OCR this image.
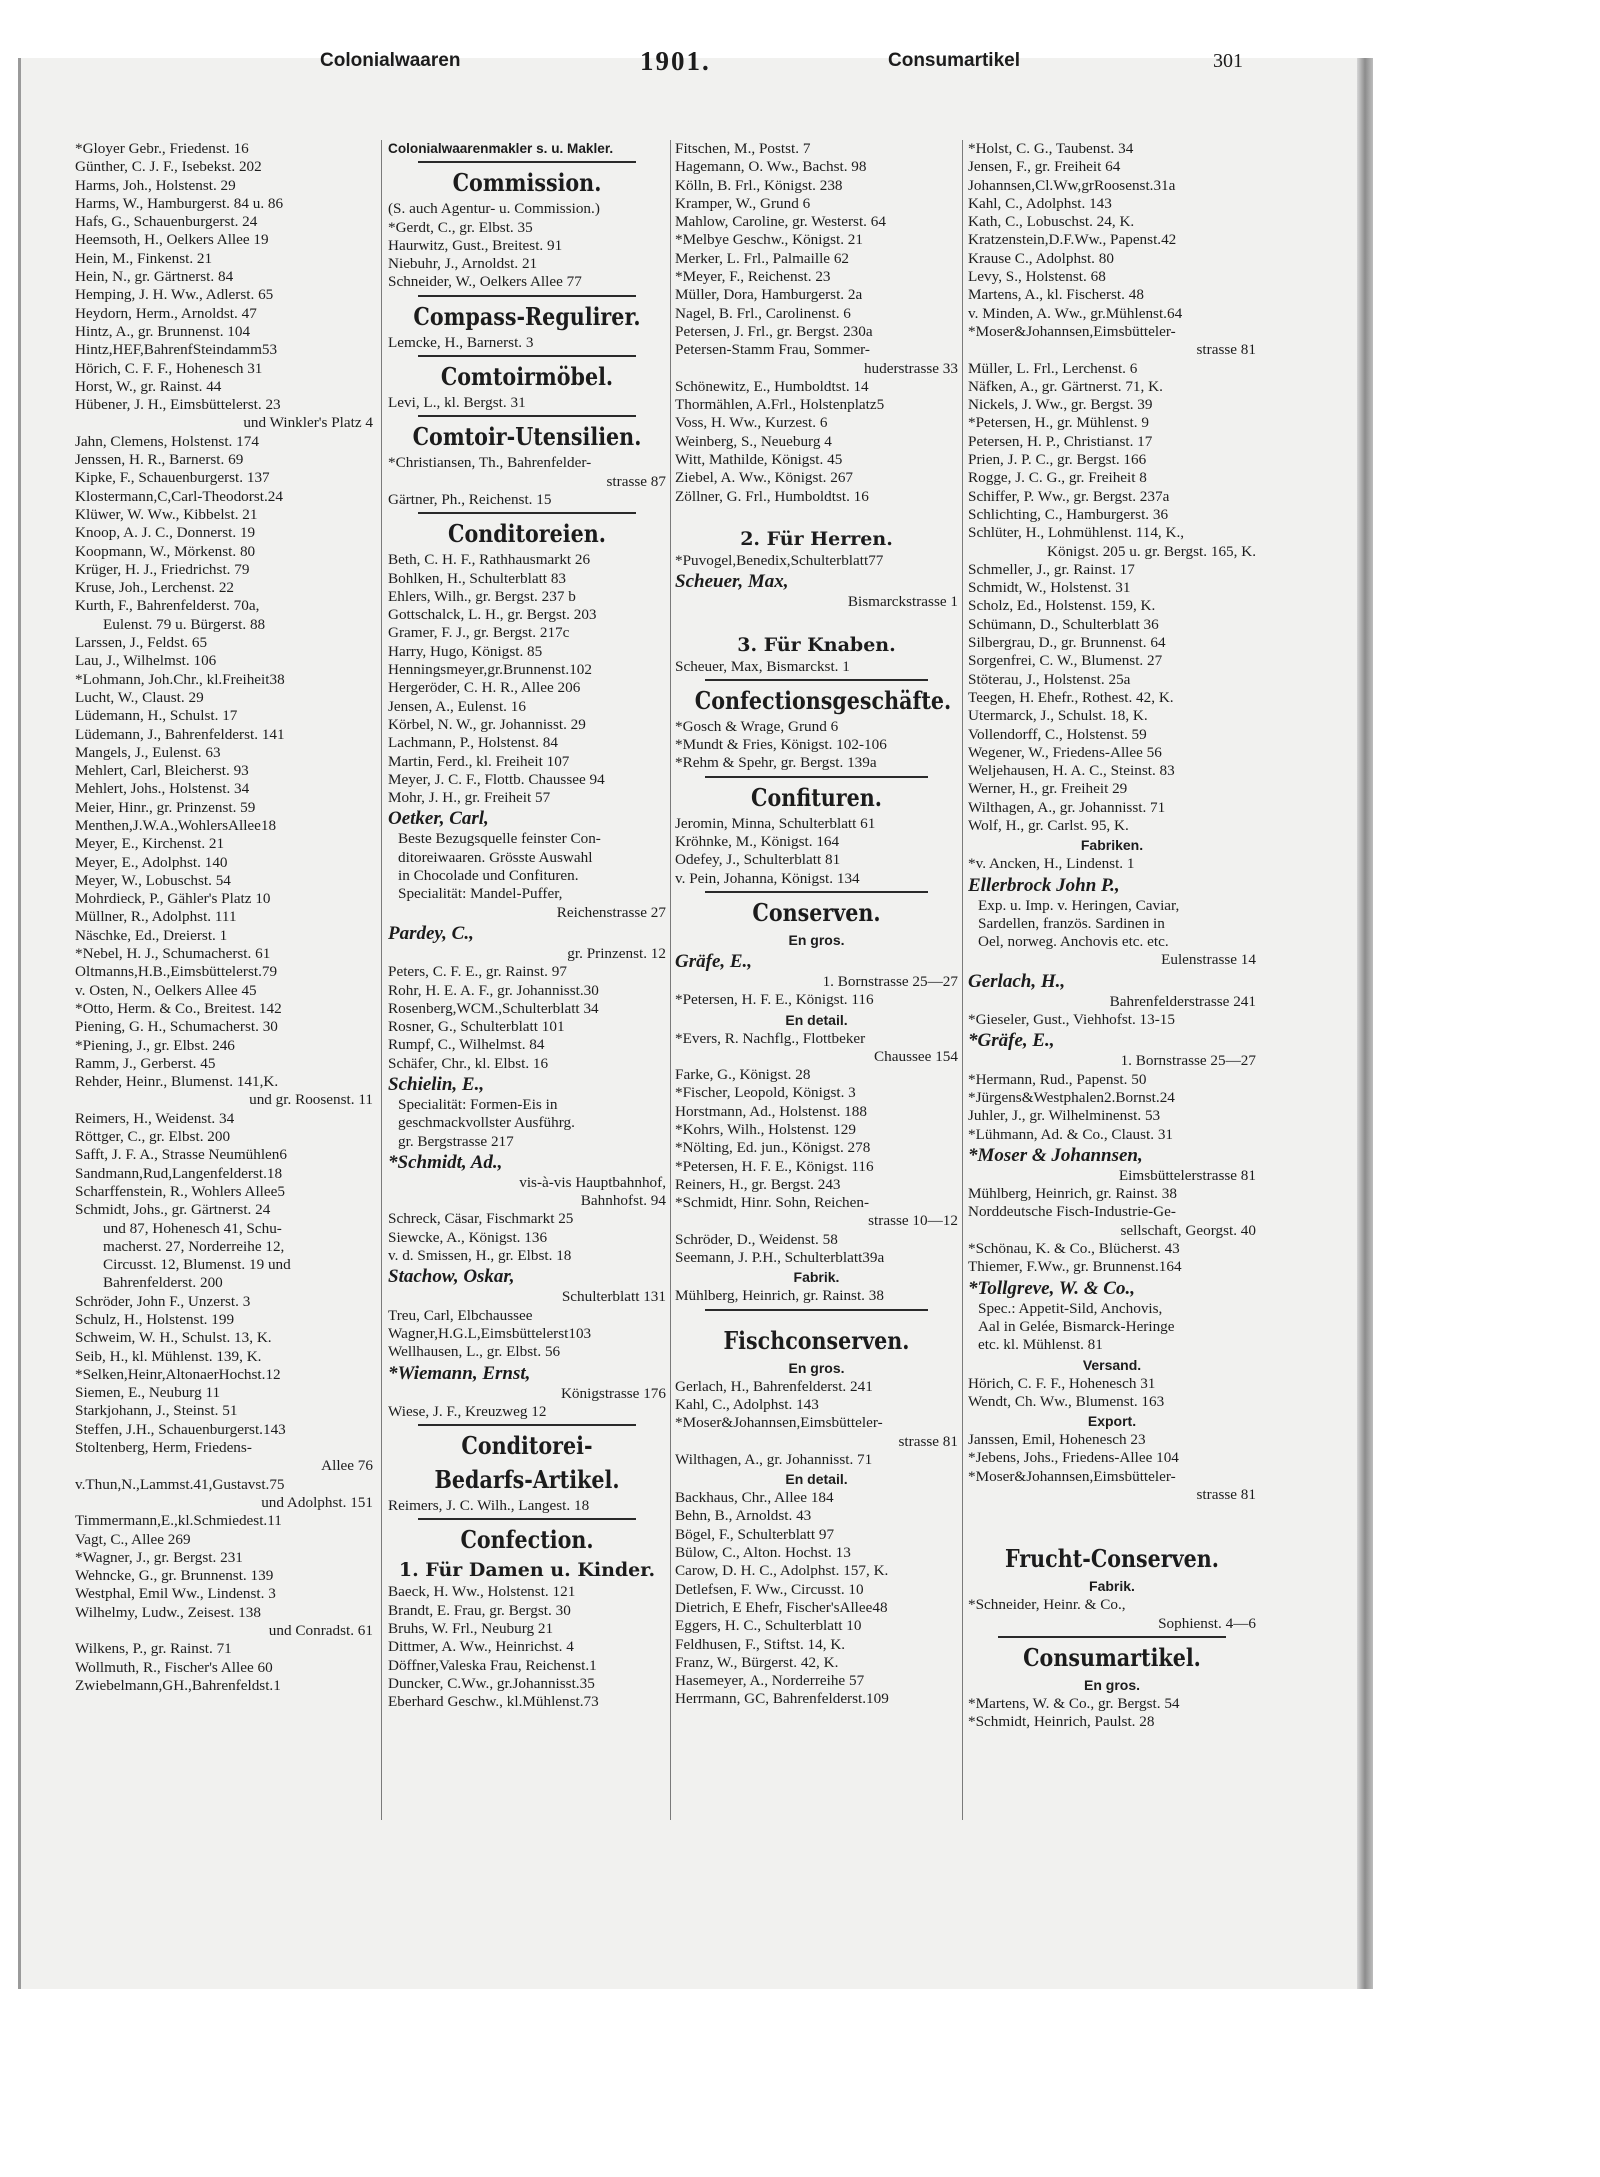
Colonialwaaren	1901.	Consumartikel	301
*Gloyer Gebr., Friedenst. 16
Günther, C. J. F., Isebekst. 202
Harms, Joh., Holstenst. 29
Harms, W., Hamburgerst. 84 u. 86
Hafs, G., Schauenburgerst. 24
Heemsoth, H., Oelkers Allee 19
Hein, M., Finkenst. 21
Hein, N., gr. Gärtnerst. 84
Hemping, J. H. Ww., Adlerst. 65
Heydorn, Herm., Arnoldst. 47
Hintz, A., gr. Brunnenst. 104
Hintz,HEF,BahrenfSteindamm53
Hörich, C. F. F., Hohenesch 31
Horst, W., gr. Rainst. 44
Hübener, J. H., Eimsbüttelerst. 23
und Winkler's Platz 4
Jahn, Clemens, Holstenst. 174
Jenssen, H. R., Barnerst. 69
Kipke, F., Schauenburgerst. 137
Klostermann,C,Carl-Theodorst.24
Klüwer, W. Ww., Kibbelst. 21
Knoop, A. J. C., Donnerst. 19
Koopmann, W., Mörkenst. 80
Krüger, H. J., Friedrichst. 79
Kruse, Joh., Lerchenst. 22
Kurth, F., Bahrenfelderst. 70a,
Eulenst. 79 u. Bürgerst. 88
Larssen, J., Feldst. 65
Lau, J., Wilhelmst. 106
*Lohmann, Joh.Chr., kl.Freiheit38
Lucht, W., Claust. 29
Lüdemann, H., Schulst. 17
Lüdemann, J., Bahrenfelderst. 141
Mangels, J., Eulenst. 63
Mehlert, Carl, Bleicherst. 93
Mehlert, Johs., Holstenst. 34
Meier, Hinr., gr. Prinzenst. 59
Menthen,J.W.A.,WohlersAllee18
Meyer, E., Kirchenst. 21
Meyer, E., Adolphst. 140
Meyer, W., Lobuschst. 54
Mohrdieck, P., Gähler's Platz 10
Müllner, R., Adolphst. 111
Näschke, Ed., Dreierst. 1
*Nebel, H. J., Schumacherst. 61
Oltmanns,H.B.,Eimsbüttelerst.79
v. Osten, N., Oelkers Allee 45
*Otto, Herm. & Co., Breitest. 142
Piening, G. H., Schumacherst. 30
*Piening, J., gr. Elbst. 246
Ramm, J., Gerberst. 45
Rehder, Heinr., Blumenst. 141,K.
und gr. Roosenst. 11
Reimers, H., Weidenst. 34
Röttger, C., gr. Elbst. 200
Safft, J. F. A., Strasse Neumühlen6
Sandmann,Rud,Langenfelderst.18
Scharffenstein, R., Wohlers Allee5
Schmidt, Johs., gr. Gärtnerst. 24
und 87, Hohenesch 41, Schu-
macherst. 27, Norderreihe 12,
Circusst. 12, Blumenst. 19 und
Bahrenfelderst. 200
Schröder, John F., Unzerst. 3
Schulz, H., Holstenst. 199
Schweim, W. H., Schulst. 13, K.
Seib, H., kl. Mühlenst. 139, K.
*Selken,Heinr,AltonaerHochst.12
Siemen, E., Neuburg 11
Starkjohann, J., Steinst. 51
Steffen, J.H., Schauenburgerst.143
Stoltenberg, Herm, Friedens-
Allee 76
v.Thun,N.,Lammst.41,Gustavst.75
und Adolphst. 151
Timmermann,E.,kl.Schmiedest.11
Vagt, C., Allee 269
*Wagner, J., gr. Bergst. 231
Wehncke, G., gr. Brunnenst. 139
Westphal, Emil Ww., Lindenst. 3
Wilhelmy, Ludw., Zeisest. 138
und Conradst. 61
Wilkens, P., gr. Rainst. 71
Wollmuth, R., Fischer's Allee 60
Zwiebelmann,GH.,Bahrenfeldst.1
Colonialwaarenmakler s. u. Makler.
Commission.
(S. auch Agentur- u. Commission.)
*Gerdt, C., gr. Elbst. 35
Haurwitz, Gust., Breitest. 91
Niebuhr, J., Arnoldst. 21
Schneider, W., Oelkers Allee 77
Compass-Regulirer.
Lemcke, H., Barnerst. 3
Comtoirmöbel.
Levi, L., kl. Bergst. 31
Comtoir-Utensilien.
*Christiansen, Th., Bahrenfelder-
strasse 87
Gärtner, Ph., Reichenst. 15
Conditoreien.
Beth, C. H. F., Rathhausmarkt 26
Bohlken, H., Schulterblatt 83
Ehlers, Wilh., gr. Bergst. 237 b
Gottschalck, L. H., gr. Bergst. 203
Gramer, F. J., gr. Bergst. 217c
Harry, Hugo, Königst. 85
Henningsmeyer,gr.Brunnenst.102
Hergeröder, C. H. R., Allee 206
Jensen, A., Eulenst. 16
Körbel, N. W., gr. Johannisst. 29
Lachmann, P., Holstenst. 84
Martin, Ferd., kl. Freiheit 107
Meyer, J. C. F., Flottb. Chaussee 94
Mohr, J. H., gr. Freiheit 57
Oetker, Carl,
Beste Bezugsquelle feinster Con-
ditoreiwaaren. Grösste Auswahl
in Chocolade und Confituren.
Specialität: Mandel-Puffer,
Reichenstrasse 27
Pardey, C.,
gr. Prinzenst. 12
Peters, C. F. E., gr. Rainst. 97
Rohr, H. E. A. F., gr. Johannisst.30
Rosenberg,WCM.,Schulterblatt 34
Rosner, G., Schulterblatt 101
Rumpf, C., Wilhelmst. 84
Schäfer, Chr., kl. Elbst. 16
Schielin, E.,
Specialität: Formen-Eis in
geschmackvollster Ausführg.
gr. Bergstrasse 217
*Schmidt, Ad.,
vis-à-vis Hauptbahnhof,
Bahnhofst. 94
Schreck, Cäsar, Fischmarkt 25
Siewcke, A., Königst. 136
v. d. Smissen, H., gr. Elbst. 18
Stachow, Oskar,
Schulterblatt 131
Treu, Carl, Elbchaussee
Wagner,H.G.L,Eimsbüttelerst103
Wellhausen, L., gr. Elbst. 56
*Wiemann, Ernst,
Königstrasse 176
Wiese, J. F., Kreuzweg 12
Conditorei-
Bedarfs-Artikel.
Reimers, J. C. Wilh., Langest. 18
Confection.
1. Für Damen u. Kinder.
Baeck, H. Ww., Holstenst. 121
Brandt, E. Frau, gr. Bergst. 30
Bruhs, W. Frl., Neuburg 21
Dittmer, A. Ww., Heinrichst. 4
Döffner,Valeska Frau, Reichenst.1
Duncker, C.Ww., gr.Johannisst.35
Eberhard Geschw., kl.Mühlenst.73
Fitschen, M., Postst. 7
Hagemann, O. Ww., Bachst. 98
Kölln, B. Frl., Königst. 238
Kramper, W., Grund 6
Mahlow, Caroline, gr. Westerst. 64
*Melbye Geschw., Königst. 21
Merker, L. Frl., Palmaille 62
*Meyer, F., Reichenst. 23
Müller, Dora, Hamburgerst. 2a
Nagel, B. Frl., Carolinenst. 6
Petersen, J. Frl., gr. Bergst. 230a
Petersen-Stamm Frau, Sommer-
huderstrasse 33
Schönewitz, E., Humboldtst. 14
Thormählen, A.Frl., Holstenplatz5
Voss, H. Ww., Kurzest. 6
Weinberg, S., Neueburg 4
Witt, Mathilde, Königst. 45
Ziebel, A. Ww., Königst. 267
Zöllner, G. Frl., Humboldtst. 16
2. Für Herren.
*Puvogel,Benedix,Schulterblatt77
Scheuer, Max,
Bismarckstrasse 1
3. Für Knaben.
Scheuer, Max, Bismarckst. 1
Confectionsgeschäfte.
*Gosch & Wrage, Grund 6
*Mundt & Fries, Königst. 102-106
*Rehm & Spehr, gr. Bergst. 139a
Confituren.
Jeromin, Minna, Schulterblatt 61
Kröhnke, M., Königst. 164
Odefey, J., Schulterblatt 81
v. Pein, Johanna, Königst. 134
Conserven.
En gros.
Gräfe, E.,
1. Bornstrasse 25—27
*Petersen, H. F. E., Königst. 116
En detail.
*Evers, R. Nachflg., Flottbeker
Chaussee 154
Farke, G., Königst. 28
*Fischer, Leopold, Königst. 3
Horstmann, Ad., Holstenst. 188
*Kohrs, Wilh., Holstenst. 129
*Nölting, Ed. jun., Königst. 278
*Petersen, H. F. E., Königst. 116
Reiners, H., gr. Bergst. 243
*Schmidt, Hinr. Sohn, Reichen-
strasse 10—12
Schröder, D., Weidenst. 58
Seemann, J. P.H., Schulterblatt39a
Fabrik.
Mühlberg, Heinrich, gr. Rainst. 38
Fischconserven.
En gros.
Gerlach, H., Bahrenfelderst. 241
Kahl, C., Adolphst. 143
*Moser&Johannsen,Eimsbütteler-
strasse 81
Wilthagen, A., gr. Johannisst. 71
En detail.
Backhaus, Chr., Allee 184
Behn, B., Arnoldst. 43
Bögel, F., Schulterblatt 97
Bülow, C., Alton. Hochst. 13
Carow, D. H. C., Adolphst. 157, K.
Detlefsen, F. Ww., Circusst. 10
Dietrich, E Ehefr, Fischer'sAllee48
Eggers, H. C., Schulterblatt 10
Feldhusen, F., Stiftst. 14, K.
Franz, W., Bürgerst. 42, K.
Hasemeyer, A., Norderreihe 57
Herrmann, GC, Bahrenfelderst.109
*Holst, C. G., Taubenst. 34
Jensen, F., gr. Freiheit 64
Johannsen,Cl.Ww,grRoosenst.31a
Kahl, C., Adolphst. 143
Kath, C., Lobuschst. 24, K.
Kratzenstein,D.F.Ww., Papenst.42
Krause C., Adolphst. 80
Levy, S., Holstenst. 68
Martens, A., kl. Fischerst. 48
v. Minden, A. Ww., gr.Mühlenst.64
*Moser&Johannsen,Eimsbütteler-
strasse 81
Müller, L. Frl., Lerchenst. 6
Näfken, A., gr. Gärtnerst. 71, K.
Nickels, J. Ww., gr. Bergst. 39
*Petersen, H., gr. Mühlenst. 9
Petersen, H. P., Christianst. 17
Prien, J. P. C., gr. Bergst. 166
Rogge, J. C. G., gr. Freiheit 8
Schiffer, P. Ww., gr. Bergst. 237a
Schlichting, C., Hamburgerst. 36
Schlüter, H., Lohmühlenst. 114, K.,
Königst. 205 u. gr. Bergst. 165, K.
Schmeller, J., gr. Rainst. 17
Schmidt, W., Holstenst. 31
Scholz, Ed., Holstenst. 159, K.
Schümann, D., Schulterblatt 36
Silbergrau, D., gr. Brunnenst. 64
Sorgenfrei, C. W., Blumenst. 27
Stöterau, J., Holstenst. 25a
Teegen, H. Ehefr., Rothest. 42, K.
Utermarck, J., Schulst. 18, K.
Vollendorff, C., Holstenst. 59
Wegener, W., Friedens-Allee 56
Weljehausen, H. A. C., Steinst. 83
Werner, H., gr. Freiheit 29
Wilthagen, A., gr. Johannisst. 71
Wolf, H., gr. Carlst. 95, K.
Fabriken.
*v. Ancken, H., Lindenst. 1
Ellerbrock John P.,
Exp. u. Imp. v. Heringen, Caviar,
Sardellen, französ. Sardinen in
Oel, norweg. Anchovis etc. etc.
Eulenstrasse 14
Gerlach, H.,
Bahrenfelderstrasse 241
*Gieseler, Gust., Viehhofst. 13-15
*Gräfe, E.,
1. Bornstrasse 25—27
*Hermann, Rud., Papenst. 50
*Jürgens&Westphalen2.Bornst.24
Juhler, J., gr. Wilhelminenst. 53
*Lühmann, Ad. & Co., Claust. 31
*Moser & Johannsen,
Eimsbüttelerstrasse 81
Mühlberg, Heinrich, gr. Rainst. 38
Norddeutsche Fisch-Industrie-Ge-
sellschaft, Georgst. 40
*Schönau, K. & Co., Blücherst. 43
Thiemer, F.Ww., gr. Brunnenst.164
*Tollgreve, W. & Co.,
Spec.: Appetit-Sild, Anchovis,
Aal in Gelée, Bismarck-Heringe
etc. kl. Mühlenst. 81
Versand.
Hörich, C. F. F., Hohenesch 31
Wendt, Ch. Ww., Blumenst. 163
Export.
Janssen, Emil, Hohenesch 23
*Jebens, Johs., Friedens-Allee 104
*Moser&Johannsen,Eimsbütteler-
strasse 81
Frucht-Conserven.
Fabrik.
*Schneider, Heinr. & Co.,
Sophienst. 4—6
Consumartikel.
En gros.
*Martens, W. & Co., gr. Bergst. 54
*Schmidt, Heinrich, Paulst. 28
